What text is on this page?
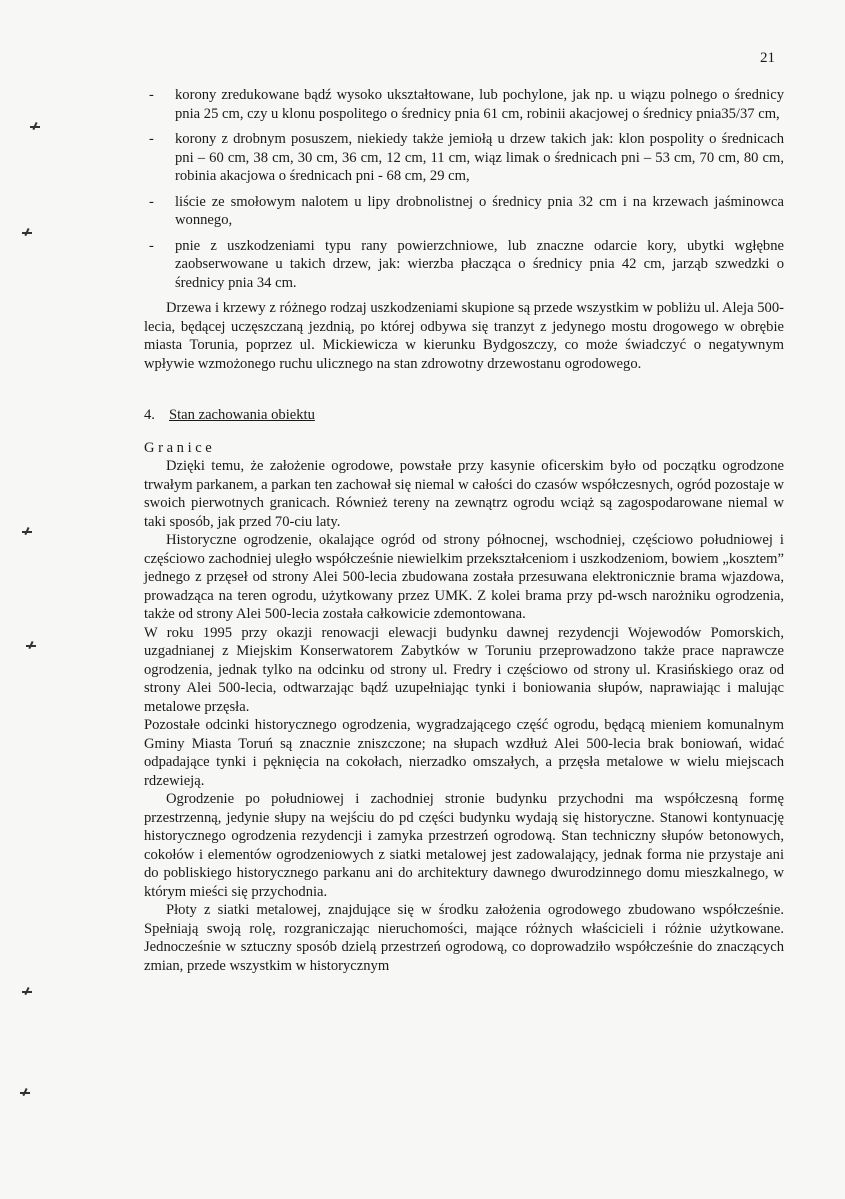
21
- korony zredukowane bądź wysoko ukształtowane, lub pochylone, jak np. u wiązu polnego o średnicy pnia 25 cm, czy u klonu pospolitego o średnicy pnia 61 cm, robinii akacjowej o średnicy pnia35/37 cm,
- korony z drobnym posuszem, niekiedy także jemiołą u drzew takich jak: klon pospolity o średnicach pni – 60 cm, 38 cm, 30 cm, 36 cm, 12 cm, 11 cm, wiąz limak o średnicach pni – 53 cm, 70 cm, 80 cm, robinia akacjowa o średnicach pni - 68 cm, 29 cm,
- liście ze smołowym nalotem u lipy drobnolistnej o średnicy pnia 32 cm i na krzewach jaśminowca wonnego,
- pnie z uszkodzeniami typu rany powierzchniowe, lub znaczne odarcie kory, ubytki wgłębne zaobserwowane u takich drzew, jak: wierzba płacząca o średnicy pnia 42 cm, jarząb szwedzki o średnicy pnia 34 cm.

Drzewa i krzewy z różnego rodzaj uszkodzeniami skupione są przede wszystkim w pobliżu ul. Aleja 500-lecia, będącej uczęszczaną jezdnią, po której odbywa się tranzyt z jedynego mostu drogowego w obrębie miasta Torunia, poprzez ul. Mickiewicza w kierunku Bydgoszczy, co może świadczyć o negatywnym wpływie wzmożonego ruchu ulicznego na stan zdrowotny drzewostanu ogrodowego.

4. Stan zachowania obiektu
Granice

Dzięki temu, że założenie ogrodowe, powstałe przy kasynie oficerskim było od początku ogrodzone trwałym parkanem, a parkan ten zachował się niemal w całości do czasów współczesnych, ogród pozostaje w swoich pierwotnych granicach. Również tereny na zewnątrz ogrodu wciąż są zagospodarowane niemal w taki sposób, jak przed 70-ciu laty.

Historyczne ogrodzenie, okalające ogród od strony północnej, wschodniej, częściowo południowej i częściowo zachodniej uległo współcześnie niewielkim przekształceniom i uszkodzeniom, bowiem „kosztem” jednego z przęseł od strony Alei 500-lecia zbudowana została przesuwana elektronicznie brama wjazdowa, prowadząca na teren ogrodu, użytkowany przez UMK. Z kolei brama przy pd-wsch narożniku ogrodzenia, także od strony Alei 500-lecia została całkowicie zdemontowana.

W roku 1995 przy okazji renowacji elewacji budynku dawnej rezydencji Wojewodów Pomorskich, uzgadnianej z Miejskim Konserwatorem Zabytków w Toruniu przeprowadzono także prace naprawcze ogrodzenia, jednak tylko na odcinku od strony ul. Fredry i częściowo od strony ul. Krasińskiego oraz od strony Alei 500-lecia, odtwarzając bądź uzupełniając tynki i boniowania słupów, naprawiając i malując metalowe przęsła.

Pozostałe odcinki historycznego ogrodzenia, wygradzającego część ogrodu, będącą mieniem komunalnym Gminy Miasta Toruń są znacznie zniszczone; na słupach wzdłuż Alei 500-lecia brak boniowań, widać odpadające tynki i pęknięcia na cokołach, nierzadko omszałych, a przęsła metalowe w wielu miejscach rdzewieją.

Ogrodzenie po południowej i zachodniej stronie budynku przychodni ma współczesną formę przestrzenną, jedynie słupy na wejściu do pd części budynku wydają się historyczne. Stanowi kontynuację historycznego ogrodzenia rezydencji i zamyka przestrzeń ogrodową. Stan techniczny słupów betonowych, cokołów i elementów ogrodzeniowych z siatki metalowej jest zadowalający, jednak forma nie przystaje ani do pobliskiego historycznego parkanu ani do architektury dawnego dwurodzinnego domu mieszkalnego, w którym mieści się przychodnia.

Płoty z siatki metalowej, znajdujące się w środku założenia ogrodowego zbudowano współcześnie. Spełniają swoją rolę, rozgraniczając nieruchomości, mające różnych właścicieli i różnie użytkowane. Jednocześnie w sztuczny sposób dzielą przestrzeń ogrodową, co doprowadziło współcześnie do znaczących zmian, przede wszystkim w historycznym
